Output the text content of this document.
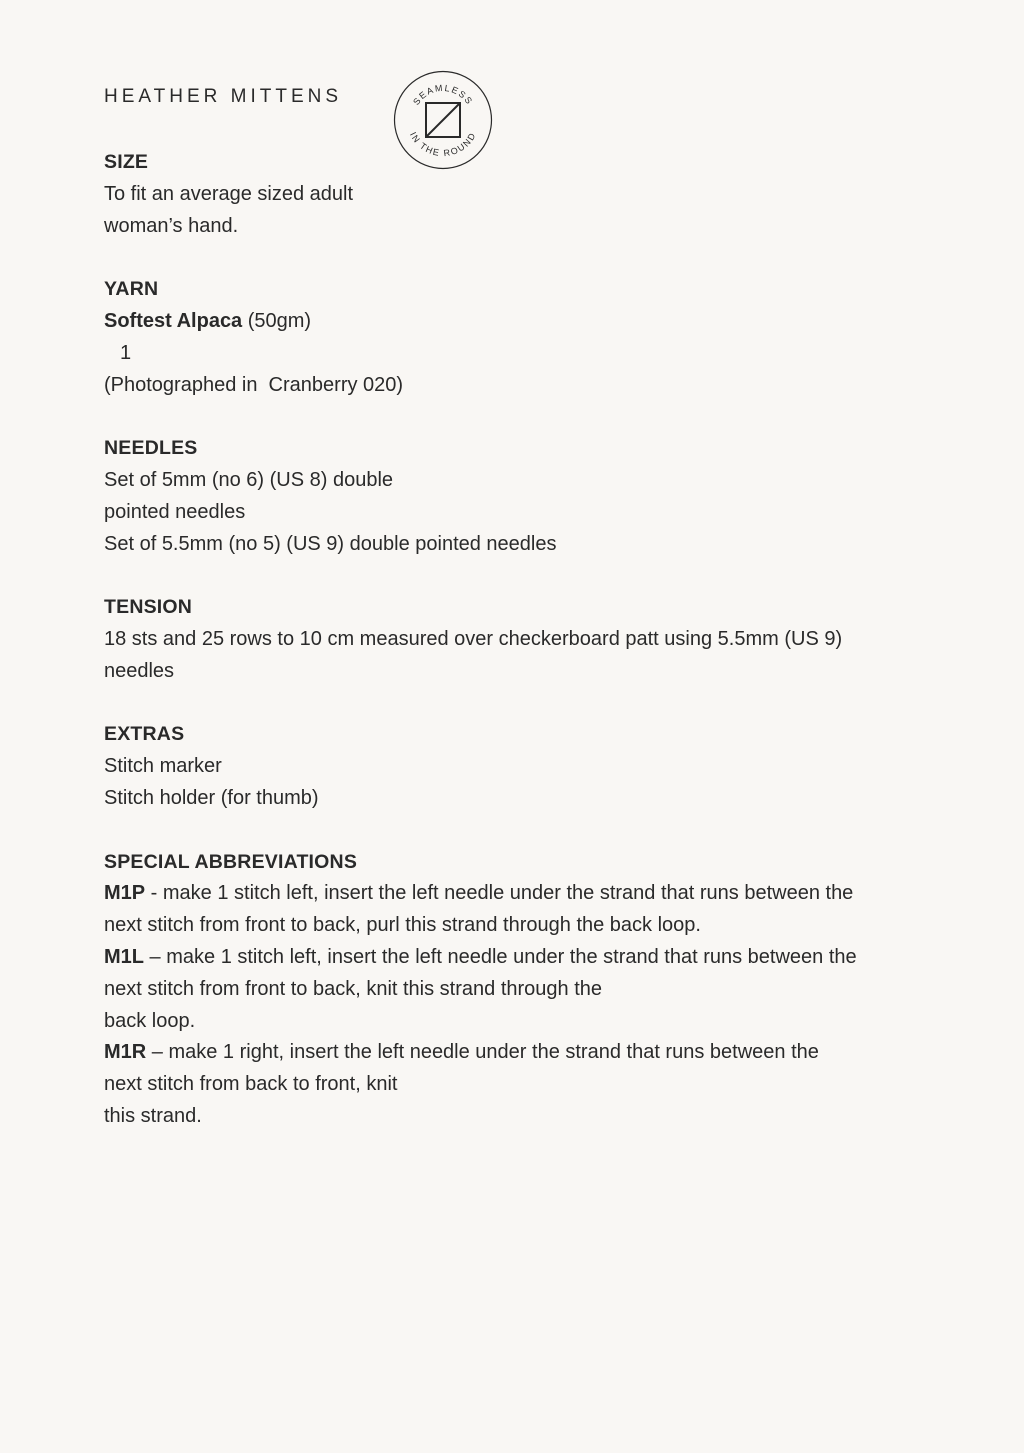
HEATHER MITTENS	SEAMLESS
IN THE ROUND
SIZE
To fit an average sized adult
woman’s hand.
YARN
Softest Alpaca (50gm)
1
(Photographed in  Cranberry 020)
NEEDLES
Set of 5mm (no 6) (US 8) double
pointed needles
Set of 5.5mm (no 5) (US 9) double pointed needles
TENSION
18 sts and 25 rows to 10 cm measured over checkerboard patt using 5.5mm (US 9)
needles
EXTRAS
Stitch marker
Stitch holder (for thumb)
SPECIAL ABBREVIATIONS
M1P - make 1 stitch left, insert the left needle under the strand that runs between the
next stitch from front to back, purl this strand through the back loop.
M1L – make 1 stitch left, insert the left needle under the strand that runs between the
next stitch from front to back, knit this strand through the
back loop.
M1R – make 1 right, insert the left needle under the strand that runs between the
next stitch from back to front, knit
this strand.
